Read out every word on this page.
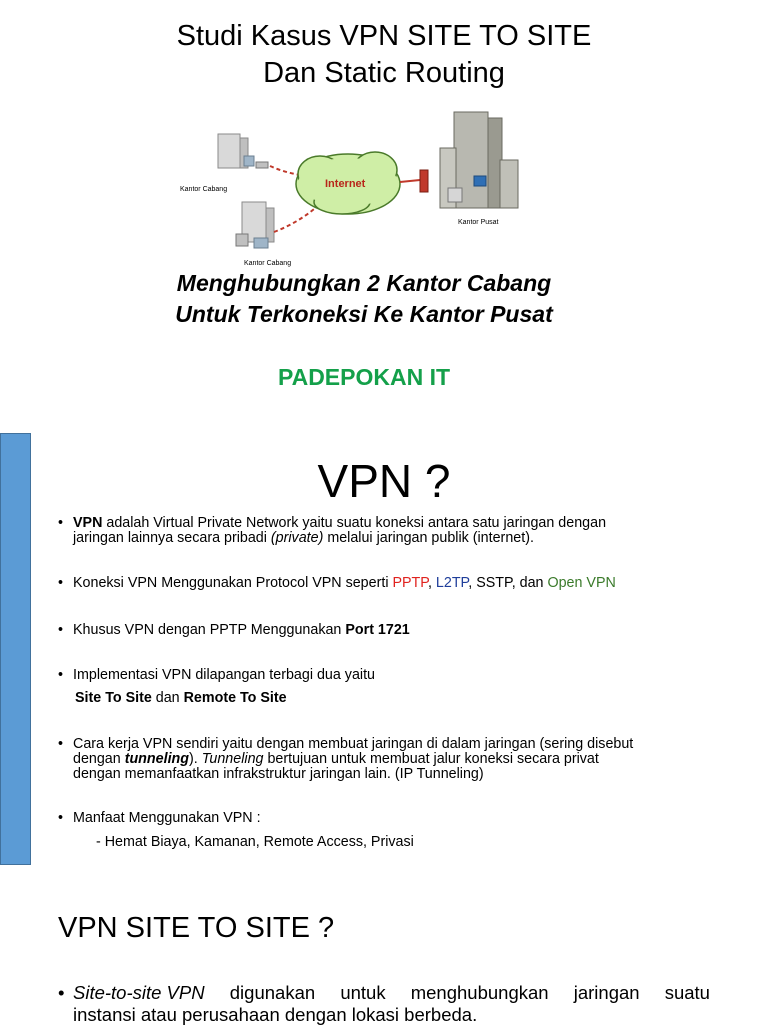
Studi Kasus VPN SITE TO SITE
Dan Static Routing
Kantor Cabang
Kantor Cabang
Internet
Kantor Pusat
Menghubungkan 2 Kantor Cabang
Untuk Terkoneksi Ke Kantor Pusat
PADEPOKAN IT
VPN ?
• VPN adalah Virtual Private Network yaitu suatu koneksi antara satu jaringan dengan
jaringan lainnya secara pribadi (private) melalui jaringan publik (internet).
• Koneksi VPN Menggunakan Protocol VPN seperti PPTP, L2TP, SSTP, dan Open VPN
• Khusus VPN dengan PPTP Menggunakan Port 1721
• Implementasi VPN dilapangan terbagi dua yaitu
Site To Site dan Remote To Site
• Cara kerja VPN sendiri yaitu dengan membuat jaringan di dalam jaringan (sering disebut
dengan tunneling). Tunneling bertujuan untuk membuat jalur koneksi secara privat
dengan memanfaatkan infrakstruktur jaringan lain. (IP Tunneling)
• Manfaat Menggunakan VPN :
- Hemat Biaya, Kamanan, Remote Access, Privasi
VPN SITE TO SITE ?
• Site-to-site VPN digunakan untuk menghubungkan jaringan suatu
instansi atau perusahaan dengan lokasi berbeda.
